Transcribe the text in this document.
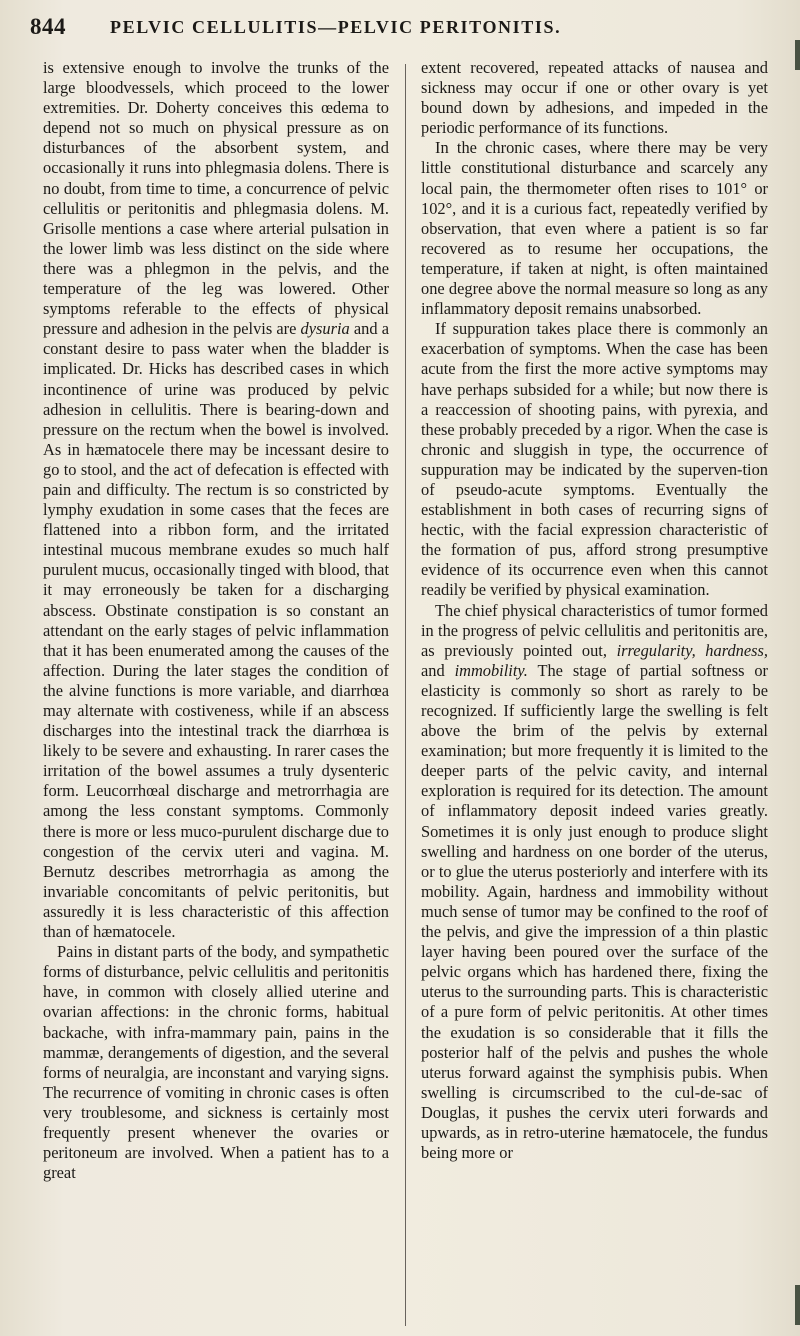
844 PELVIC CELLULITIS—PELVIC PERITONITIS.

is extensive enough to involve the trunks of the large bloodvessels, which proceed to the lower extremities. Dr. Doherty conceives this œdema to depend not so much on physical pressure as on disturbances of the absorbent system, and occasionally it runs into phlegmasia dolens. There is no doubt, from time to time, a concurrence of pelvic cellulitis or peritonitis and phlegmasia dolens. M. Grisolle mentions a case where arterial pulsation in the lower limb was less distinct on the side where there was a phlegmon in the pelvis, and the temperature of the leg was lowered. Other symptoms referable to the effects of physical pressure and adhesion in the pelvis are dysuria and a constant desire to pass water when the bladder is implicated. Dr. Hicks has described cases in which incontinence of urine was produced by pelvic adhesion in cellulitis. There is bearing-down and pressure on the rectum when the bowel is involved. As in hæmatocele there may be incessant desire to go to stool, and the act of defecation is effected with pain and difficulty. The rectum is so constricted by lymphy exudation in some cases that the feces are flattened into a ribbon form, and the irritated intestinal mucous membrane exudes so much half purulent mucus, occasionally tinged with blood, that it may erroneously be taken for a discharging abscess. Obstinate constipation is so constant an attendant on the early stages of pelvic inflammation that it has been enumerated among the causes of the affection. During the later stages the condition of the alvine functions is more variable, and diarrhœa may alternate with costiveness, while if an abscess discharges into the intestinal track the diarrhœa is likely to be severe and exhausting. In rarer cases the irritation of the bowel assumes a truly dysenteric form. Leucorrhœal discharge and metrorrhagia are among the less constant symptoms. Commonly there is more or less muco-purulent discharge due to congestion of the cervix uteri and vagina. M. Bernutz describes metrorrhagia as among the invariable concomitants of pelvic peritonitis, but assuredly it is less characteristic of this affection than of hæmatocele.

Pains in distant parts of the body, and sympathetic forms of disturbance, pelvic cellulitis and peritonitis have, in common with closely allied uterine and ovarian affections: in the chronic forms, habitual backache, with infra-mammary pain, pains in the mammæ, derangements of digestion, and the several forms of neuralgia, are inconstant and varying signs. The recurrence of vomiting in chronic cases is often very troublesome, and sickness is certainly most frequently present whenever the ovaries or peritoneum are involved. When a patient has to a great

extent recovered, repeated attacks of nausea and sickness may occur if one or other ovary is yet bound down by adhesions, and impeded in the periodic performance of its functions.

In the chronic cases, where there may be very little constitutional disturbance and scarcely any local pain, the thermometer often rises to 101° or 102°, and it is a curious fact, repeatedly verified by observation, that even where a patient is so far recovered as to resume her occupations, the temperature, if taken at night, is often maintained one degree above the normal measure so long as any inflammatory deposit remains unabsorbed.

If suppuration takes place there is commonly an exacerbation of symptoms. When the case has been acute from the first the more active symptoms may have perhaps subsided for a while; but now there is a reaccession of shooting pains, with pyrexia, and these probably preceded by a rigor. When the case is chronic and sluggish in type, the occurrence of suppuration may be indicated by the superven-tion of pseudo-acute symptoms. Eventually the establishment in both cases of recurring signs of hectic, with the facial expression characteristic of the formation of pus, afford strong presumptive evidence of its occurrence even when this cannot readily be verified by physical examination.

The chief physical characteristics of tumor formed in the progress of pelvic cellulitis and peritonitis are, as previously pointed out, irregularity, hardness, and immobility. The stage of partial softness or elasticity is commonly so short as rarely to be recognized. If sufficiently large the swelling is felt above the brim of the pelvis by external examination; but more frequently it is limited to the deeper parts of the pelvic cavity, and internal exploration is required for its detection. The amount of inflammatory deposit indeed varies greatly. Sometimes it is only just enough to produce slight swelling and hardness on one border of the uterus, or to glue the uterus posteriorly and interfere with its mobility. Again, hardness and immobility without much sense of tumor may be confined to the roof of the pelvis, and give the impression of a thin plastic layer having been poured over the surface of the pelvic organs which has hardened there, fixing the uterus to the surrounding parts. This is characteristic of a pure form of pelvic peritonitis. At other times the exudation is so considerable that it fills the posterior half of the pelvis and pushes the whole uterus forward against the symphisis pubis. When swelling is circumscribed to the cul-de-sac of Douglas, it pushes the cervix uteri forwards and upwards, as in retro-uterine hæmatocele, the fundus being more or
